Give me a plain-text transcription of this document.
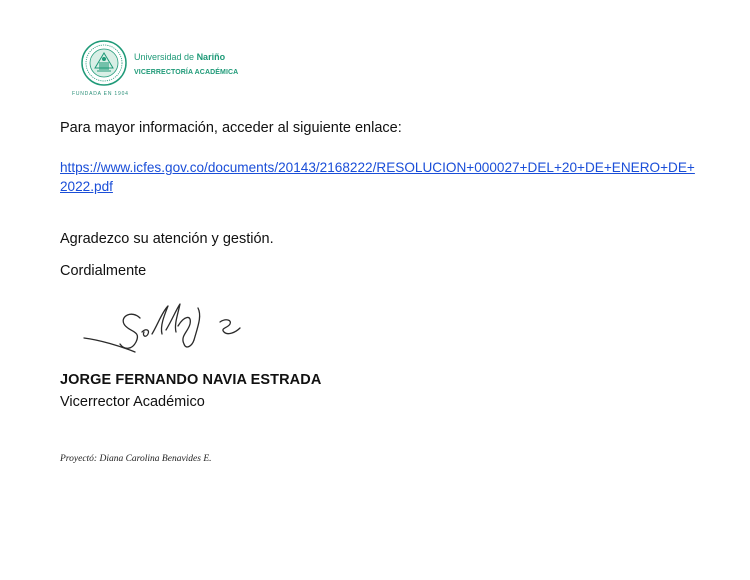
Universidad de Nariño
VICERRECTORÍA ACADÉMICA
FUNDADA EN 1904
Para mayor información, acceder al siguiente enlace:
https://www.icfes.gov.co/documents/20143/2168222/RESOLUCION+000027+DEL+20+DE+ENERO+DE+2022.pdf
Agradezco su atención y gestión.
Cordialmente
JORGE FERNANDO NAVIA ESTRADA
Vicerrector Académico
Proyectó: Diana Carolina Benavides E.
